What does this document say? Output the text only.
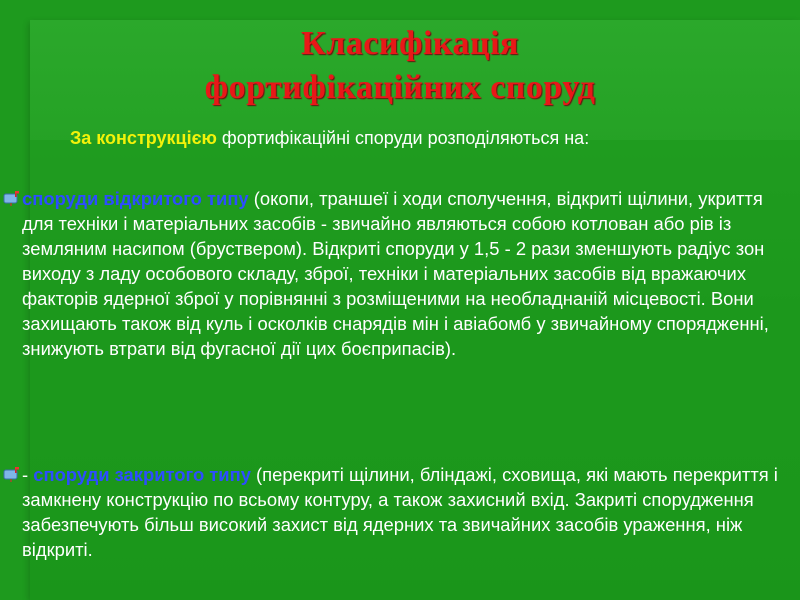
Класифікація
фортифікаційних споруд
За конструкцією фортифікаційні споруди розподіляються на:
споруди відкритого типу (окопи, траншеї і ходи сполучення, відкриті щілини, укриття для техніки і матеріальних засобів - звичайно являються собою котлован або рів із земляним насипом (бруствером). Відкриті споруди у 1,5 - 2 рази зменшують радіус зон виходу з ладу особового складу, зброї, техніки і матеріальних засобів від вражаючих факторів ядерної зброї у порівнянні з розміщеними на необладнаній місцевості. Вони захищають також від куль і осколків снарядів мін і авіабомб у звичайному спорядженні, знижують втрати від фугасної дії цих боєприпасів).
- споруди закритого типу (перекриті щілини, бліндажі, сховища, які мають перекриття і замкнену конструкцію по всьому контуру, а також захисний вхід. Закриті спорудження забезпечують більш високий захист від ядерних та звичайних засобів ураження, ніж відкриті.
